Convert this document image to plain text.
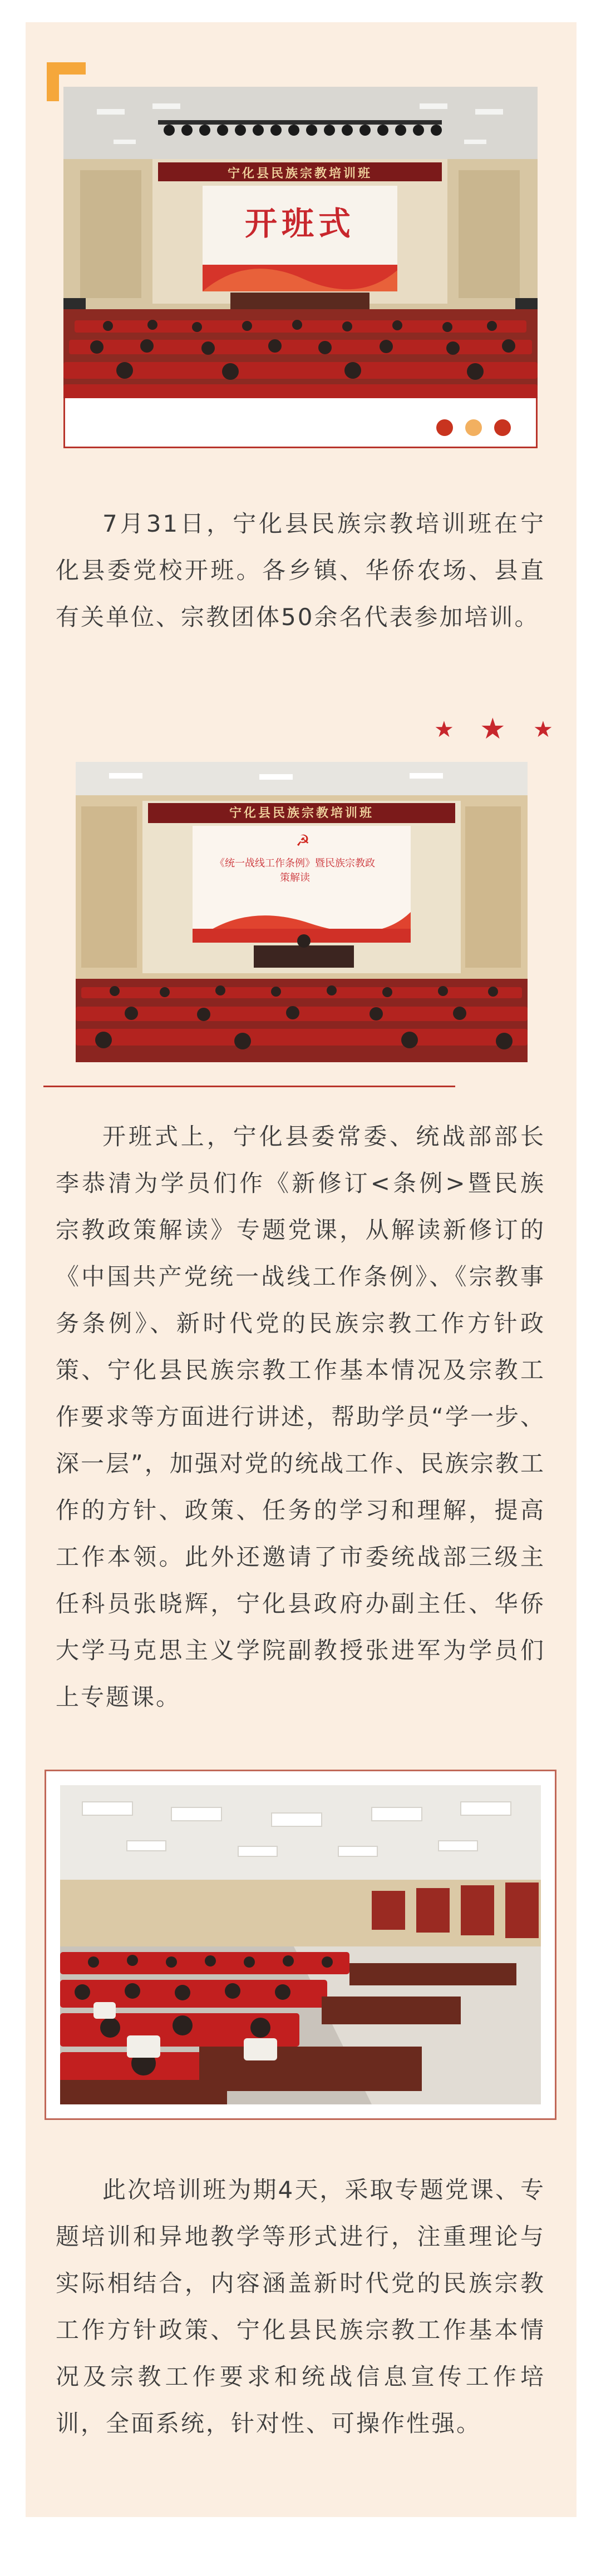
宁化县民族宗教培训班
开班式

7月31日，宁化县民族宗教培训班在宁化县委党校开班。各乡镇、华侨农场、县直有关单位、宗教团体50余名代表参加培训。

★ ★ ★
宁化县民族宗教培训班
☭
《统一战线工作条例》暨民族宗教政策解读

开班式上，宁化县委常委、统战部部长李恭清为学员们作《新修订<条例>暨民族宗教政策解读》专题党课，从解读新修订的《中国共产党统一战线工作条例》、《宗教事务条例》、新时代党的民族宗教工作方针政策、宁化县民族宗教工作基本情况及宗教工作要求等方面进行讲述，帮助学员“学一步、深一层”，加强对党的统战工作、民族宗教工作的方针、政策、任务的学习和理解，提高工作本领。此外还邀请了市委统战部三级主任科员张晓辉，宁化县政府办副主任、华侨大学马克思主义学院副教授张进军为学员们上专题课。

此次培训班为期4天，采取专题党课、专题培训和异地教学等形式进行，注重理论与实际相结合，内容涵盖新时代党的民族宗教工作方针政策、宁化县民族宗教工作基本情况及宗教工作要求和统战信息宣传工作培训，全面系统，针对性、可操作性强。
